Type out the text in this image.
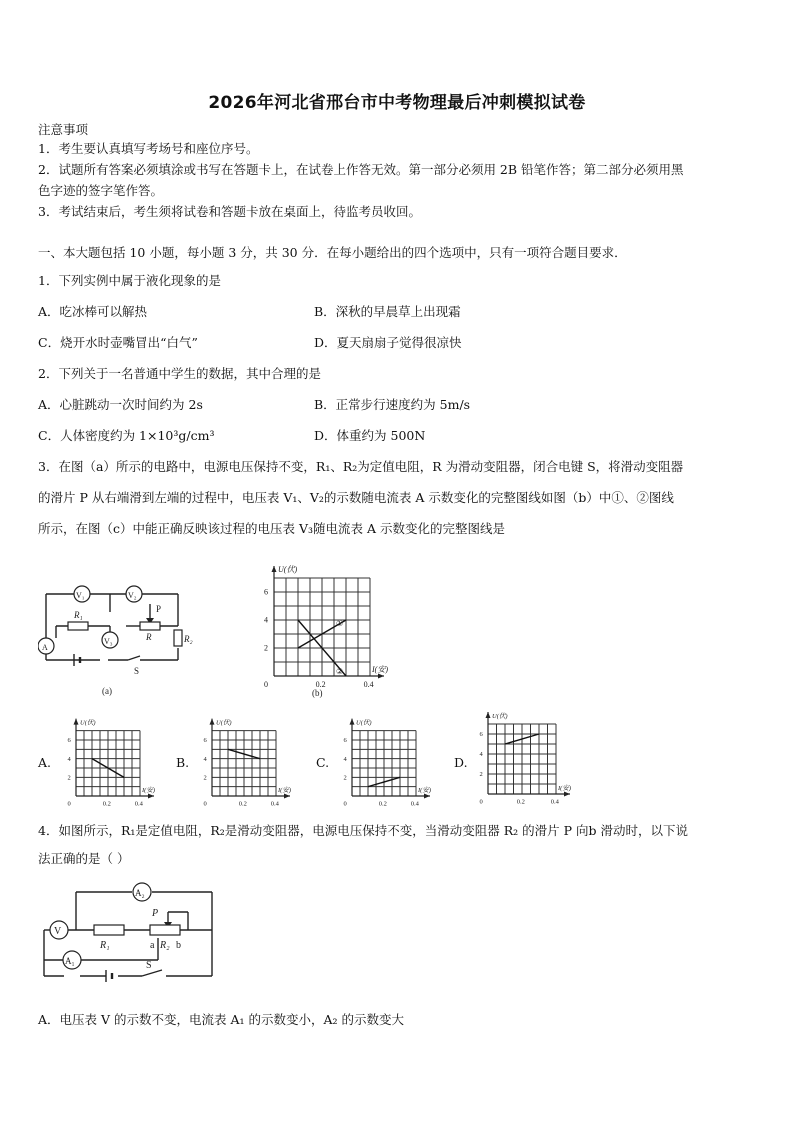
2026年河北省邢台市中考物理最后冲刺模拟试卷
注意事项
1．考生要认真填写考场号和座位序号。
2．试题所有答案必须填涂或书写在答题卡上，在试卷上作答无效。第一部分必须用 2B 铅笔作答；第二部分必须用黑
色字迹的签字笔作答。
3．考试结束后，考生须将试卷和答题卡放在桌面上，待监考员收回。
一、本大题包括 10 小题，每小题 3 分，共 30 分．在每小题给出的四个选项中，只有一项符合题目要求．
1．下列实例中属于液化现象的是
A．吃冰棒可以解热	B．深秋的早晨草上出现霜
C．烧开水时壶嘴冒出“白气”	D．夏天扇扇子觉得很凉快
2．下列关于一名普通中学生的数据，其中合理的是
A．心脏跳动一次时间约为 2s	B．正常步行速度约为 5m/s
C．人体密度约为 1×10³g/cm³	D．体重约为 500N
3．在图（a）所示的电路中，电源电压保持不变，R₁、R₂为定值电阻，R 为滑动变阻器，闭合电键 S，将滑动变阻器
的滑片 P 从右端滑到左端的过程中，电压表 V₁、V₂的示数随电流表 A 示数变化的完整图线如图（b）中①、②图线
所示，在图（c）中能正确反映该过程的电压表 V₃随电流表 A 示数变化的完整图线是
V₁	V₂
V₃
A
R₁
R	R₂
P
S
(a)
U(伏)
I(安)
6
4
2
0	0.2	0.4
①
②
(b)
A.
U(伏)
I(安)
6
4
2
0	0.2	0.4
B.
U(伏)
I(安)
6
4
2
0	0.2	0.4
C.
U(伏)
I(安)
6
4
2
0	0.2	0.4
D.
U(伏)
I(安)
6
4
2
0	0.2	0.4
4．如图所示，R₁是定值电阻，R₂是滑动变阻器，电源电压保持不变，当滑动变阻器 R₂ 的滑片 P 向b 滑动时，以下说
法正确的是（ ）
A₂
V
A₁
R₁
P
a R₂ b
S
A．电压表 V 的示数不变，电流表 A₁ 的示数变小，A₂ 的示数变大
